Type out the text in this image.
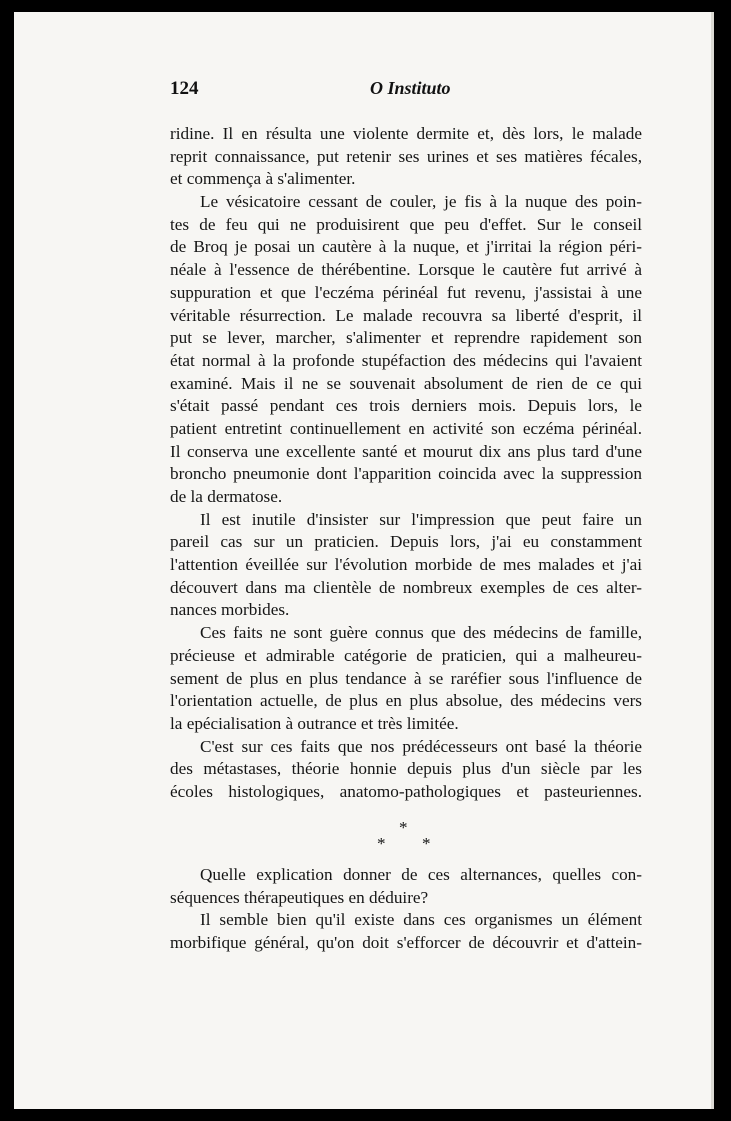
124	O Instituto
ridine. Il en résulta une violente dermite et, dès lors, le malade
reprit connaissance, put retenir ses urines et ses matières fécales,
et commença à s'alimenter.
Le vésicatoire cessant de couler, je fis à la nuque des poin-
tes de feu qui ne produisirent que peu d'effet. Sur le conseil
de Broq je posai un cautère à la nuque, et j'irritai la région péri-
néale à l'essence de thérébentine. Lorsque le cautère fut arrivé à
suppuration et que l'eczéma périnéal fut revenu, j'assistai à une
véritable résurrection. Le malade recouvra sa liberté d'esprit, il
put se lever, marcher, s'alimenter et reprendre rapidement son
état normal à la profonde stupéfaction des médecins qui l'avaient
examiné. Mais il ne se souvenait absolument de rien de ce qui
s'était passé pendant ces trois derniers mois. Depuis lors, le
patient entretint continuellement en activité son eczéma périnéal.
Il conserva une excellente santé et mourut dix ans plus tard d'une
broncho pneumonie dont l'apparition coincida avec la suppression
de la dermatose.
Il est inutile d'insister sur l'impression que peut faire un
pareil cas sur un praticien. Depuis lors, j'ai eu constamment
l'attention éveillée sur l'évolution morbide de mes malades et j'ai
découvert dans ma clientèle de nombreux exemples de ces alter-
nances morbides.
Ces faits ne sont guère connus que des médecins de famille,
précieuse et admirable catégorie de praticien, qui a malheureu-
sement de plus en plus tendance à se raréfier sous l'influence de
l'orientation actuelle, de plus en plus absolue, des médecins vers
la epécialisation à outrance et très limitée.
C'est sur ces faits que nos prédécesseurs ont basé la théorie
des métastases, théorie honnie depuis plus d'un siècle par les
écoles histologiques, anatomo-pathologiques et pasteuriennes.
*
* *
Quelle explication donner de ces alternances, quelles con-
séquences thérapeutiques en déduire?
Il semble bien qu'il existe dans ces organismes un élément
morbifique général, qu'on doit s'efforcer de découvrir et d'attein-
